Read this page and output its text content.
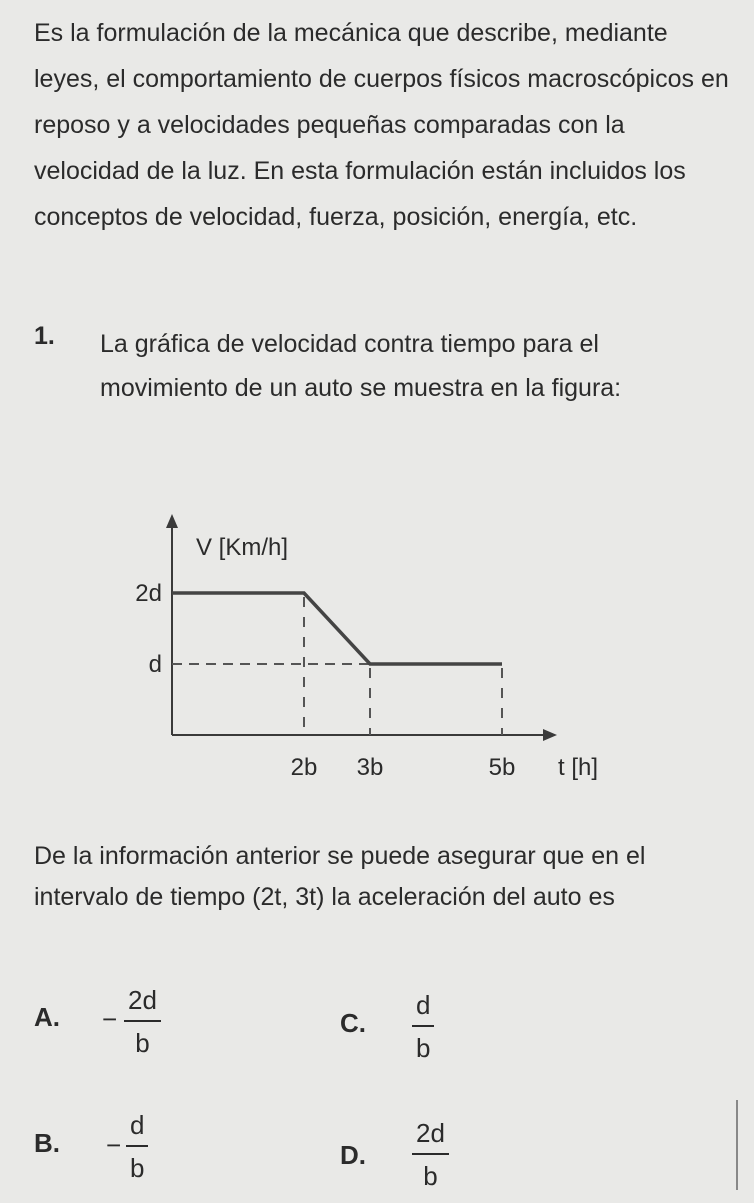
Es la formulación de la mecánica que describe, mediante leyes, el comportamiento de cuerpos físicos macroscópicos en reposo y a velocidades pequeñas comparadas con la velocidad de la luz. En esta formulación están incluidos los conceptos de velocidad, fuerza, posición, energía, etc.
1. La gráfica de velocidad contra tiempo para el movimiento de un auto se muestra en la figura:
V [Km/h]
t [h]
2d
d
2b 3b	5b
De la información anterior se puede asegurar que en el intervalo de tiempo (2t, 3t) la aceleración del auto es
A. − $\frac{2d}{b}$	C. $\frac{d}{b}$
B. − $\frac{d}{b}$	D. $\frac{2d}{b}$
